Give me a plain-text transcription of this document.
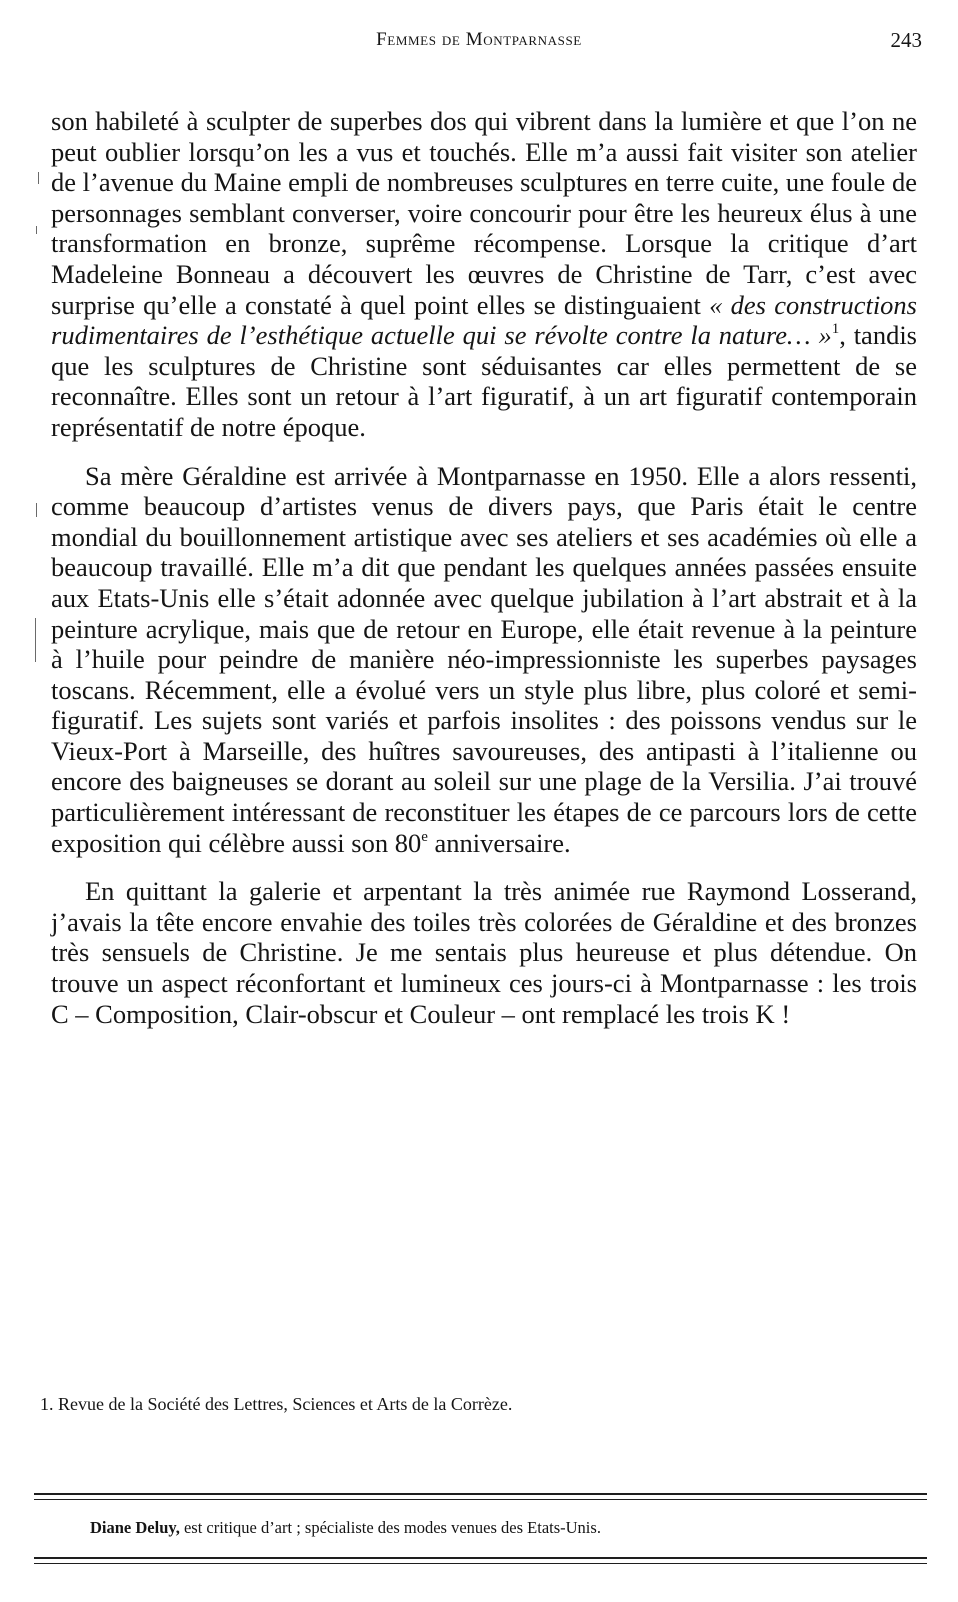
Femmes de Montparnasse	243

son habileté à sculpter de superbes dos qui vibrent dans la lumière et que l’on ne peut oublier lorsqu’on les a vus et touchés. Elle m’a aussi fait visiter son atelier de l’avenue du Maine empli de nombreuses sculptures en terre cuite, une foule de personnages semblant converser, voire concourir pour être les heureux élus à une transformation en bronze, suprême récompense. Lorsque la critique d’art Madeleine Bonneau a découvert les œuvres de Christine de Tarr, c’est avec surprise qu’elle a constaté à quel point elles se distinguaient « des constructions rudimentaires de l’esthétique actuelle qui se révolte contre la nature… »$^1$, tandis que les sculptures de Christine sont séduisantes car elles permettent de se reconnaître. Elles sont un retour à l’art figuratif, à un art figuratif contemporain représentatif de notre époque.

Sa mère Géraldine est arrivée à Montparnasse en 1950. Elle a alors ressenti, comme beaucoup d’artistes venus de divers pays, que Paris était le centre mondial du bouillonnement artistique avec ses ateliers et ses académies où elle a beaucoup travaillé. Elle m’a dit que pendant les quelques années passées ensuite aux Etats-Unis elle s’était adonnée avec quelque jubilation à l’art abstrait et à la peinture acrylique, mais que de retour en Europe, elle était revenue à la peinture à l’huile pour peindre de manière néo-impressionniste les superbes paysages toscans. Récemment, elle a évolué vers un style plus libre, plus coloré et semi-figuratif. Les sujets sont variés et parfois insolites : des poissons vendus sur le Vieux-Port à Marseille, des huîtres savoureuses, des antipasti à l’italienne ou encore des baigneuses se dorant au soleil sur une plage de la Versilia. J’ai trouvé particulièrement intéressant de reconstituer les étapes de ce parcours lors de cette exposition qui célèbre aussi son 80e anniversaire.

En quittant la galerie et arpentant la très animée rue Raymond Losserand, j’avais la tête encore envahie des toiles très colorées de Géraldine et des bronzes très sensuels de Christine. Je me sentais plus heureuse et plus détendue. On trouve un aspect réconfortant et lumineux ces jours-ci à Montparnasse : les trois C – Composition, Clair-obscur et Couleur – ont remplacé les trois K !

1. Revue de la Société des Lettres, Sciences et Arts de la Corrèze.
Diane Deluy, est critique d’art ; spécialiste des modes venues des Etats-Unis.
